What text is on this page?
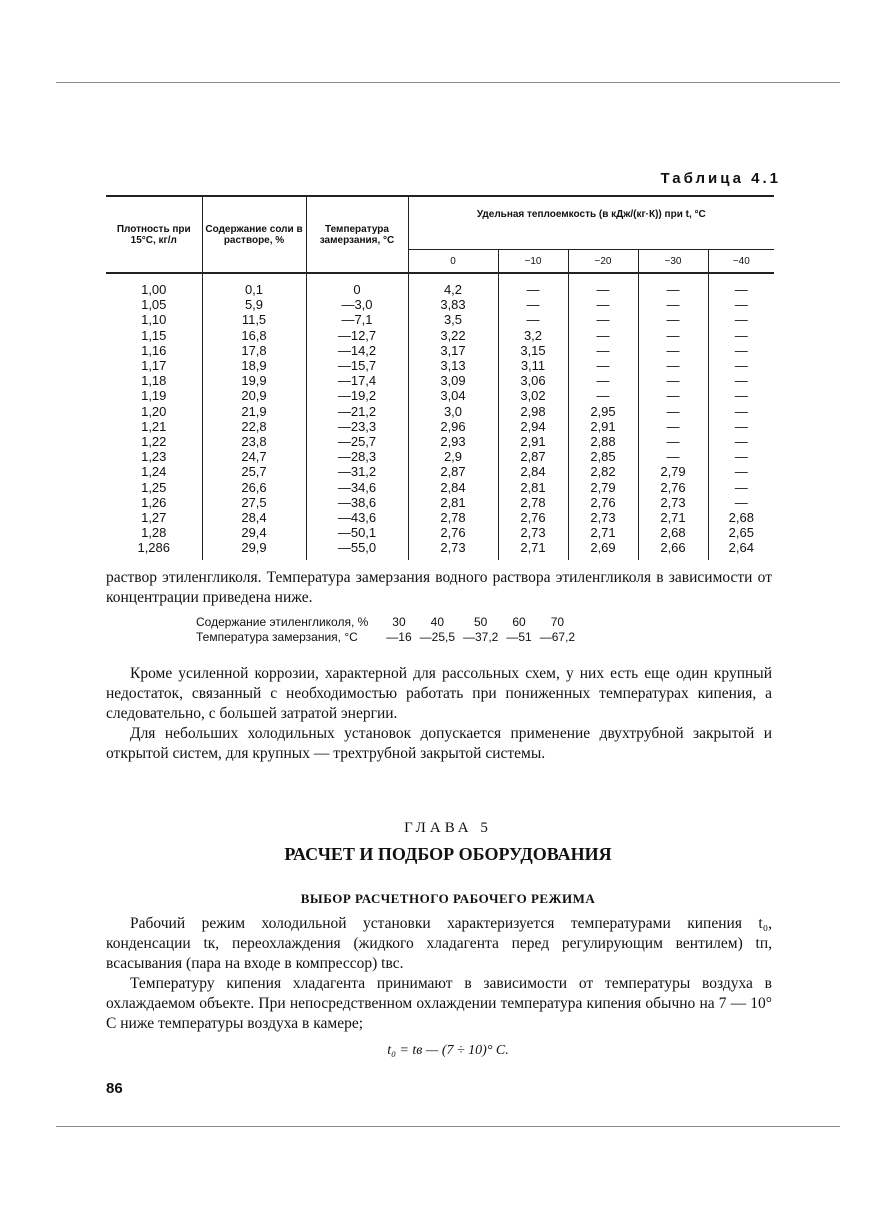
Таблица 4.1
Плотность при 15°С, кг/л	Содержание соли в растворе, %	Температура замерзания, °С	Удельная теплоемкость (в кДж/(кг·К)) при t, °С				
			0	−10	−20	−30	−40
1,00	0,1	0	4,2	—	—	—	—
1,05	5,9	—3,0	3,83	—	—	—	—
1,10	11,5	—7,1	3,5	—	—	—	—
1,15	16,8	—12,7	3,22	3,2	—	—	—
1,16	17,8	—14,2	3,17	3,15	—	—	—
1,17	18,9	—15,7	3,13	3,11	—	—	—
1,18	19,9	—17,4	3,09	3,06	—	—	—
1,19	20,9	—19,2	3,04	3,02	—	—	—
1,20	21,9	—21,2	3,0	2,98	2,95	—	—
1,21	22,8	—23,3	2,96	2,94	2,91	—	—
1,22	23,8	—25,7	2,93	2,91	2,88	—	—
1,23	24,7	—28,3	2,9	2,87	2,85	—	—
1,24	25,7	—31,2	2,87	2,84	2,82	2,79	—
1,25	26,6	—34,6	2,84	2,81	2,79	2,76	—
1,26	27,5	—38,6	2,81	2,78	2,76	2,73	—
1,27	28,4	—43,6	2,78	2,76	2,73	2,71	2,68
1,28	29,4	—50,1	2,76	2,73	2,71	2,68	2,65
1,286	29,9	—55,0	2,73	2,71	2,69	2,66	2,64

раствор этиленгликоля. Температура замерзания водного раствора этиленгликоля в зависимости от концентрации приведена ниже.

Содержание этиленгликоля, %	30	40	50	60	70
Температура замерзания, °С	—16	—25,5	—37,2	—51	—67,2

Кроме усиленной коррозии, характерной для рассольных схем, у них есть еще один крупный недостаток, связанный с необходимостью работать при пониженных температурах кипения, а следовательно, с большей затратой энергии.

Для небольших холодильных установок допускается применение двухтрубной закрытой и открытой систем, для крупных — трехтрубной закрытой системы.

ГЛАВА 5
РАСЧЕТ И ПОДБОР ОБОРУДОВАНИЯ
ВЫБОР РАСЧЕТНОГО РАБОЧЕГО РЕЖИМА

Рабочий режим холодильной установки характеризуется температурами кипения t₀, конденсации tк, переохлаждения (жидкого хладагента перед регулирующим вентилем) tп, всасывания (пара на входе в компрессор) tвс.

Температуру кипения хладагента принимают в зависимости от температуры воздуха в охлаждаемом объекте. При непосредственном охлаждении температура кипения обычно на 7 — 10° С ниже температуры воздуха в камере;

t₀ = tв — (7 ÷ 10)° С.
86
